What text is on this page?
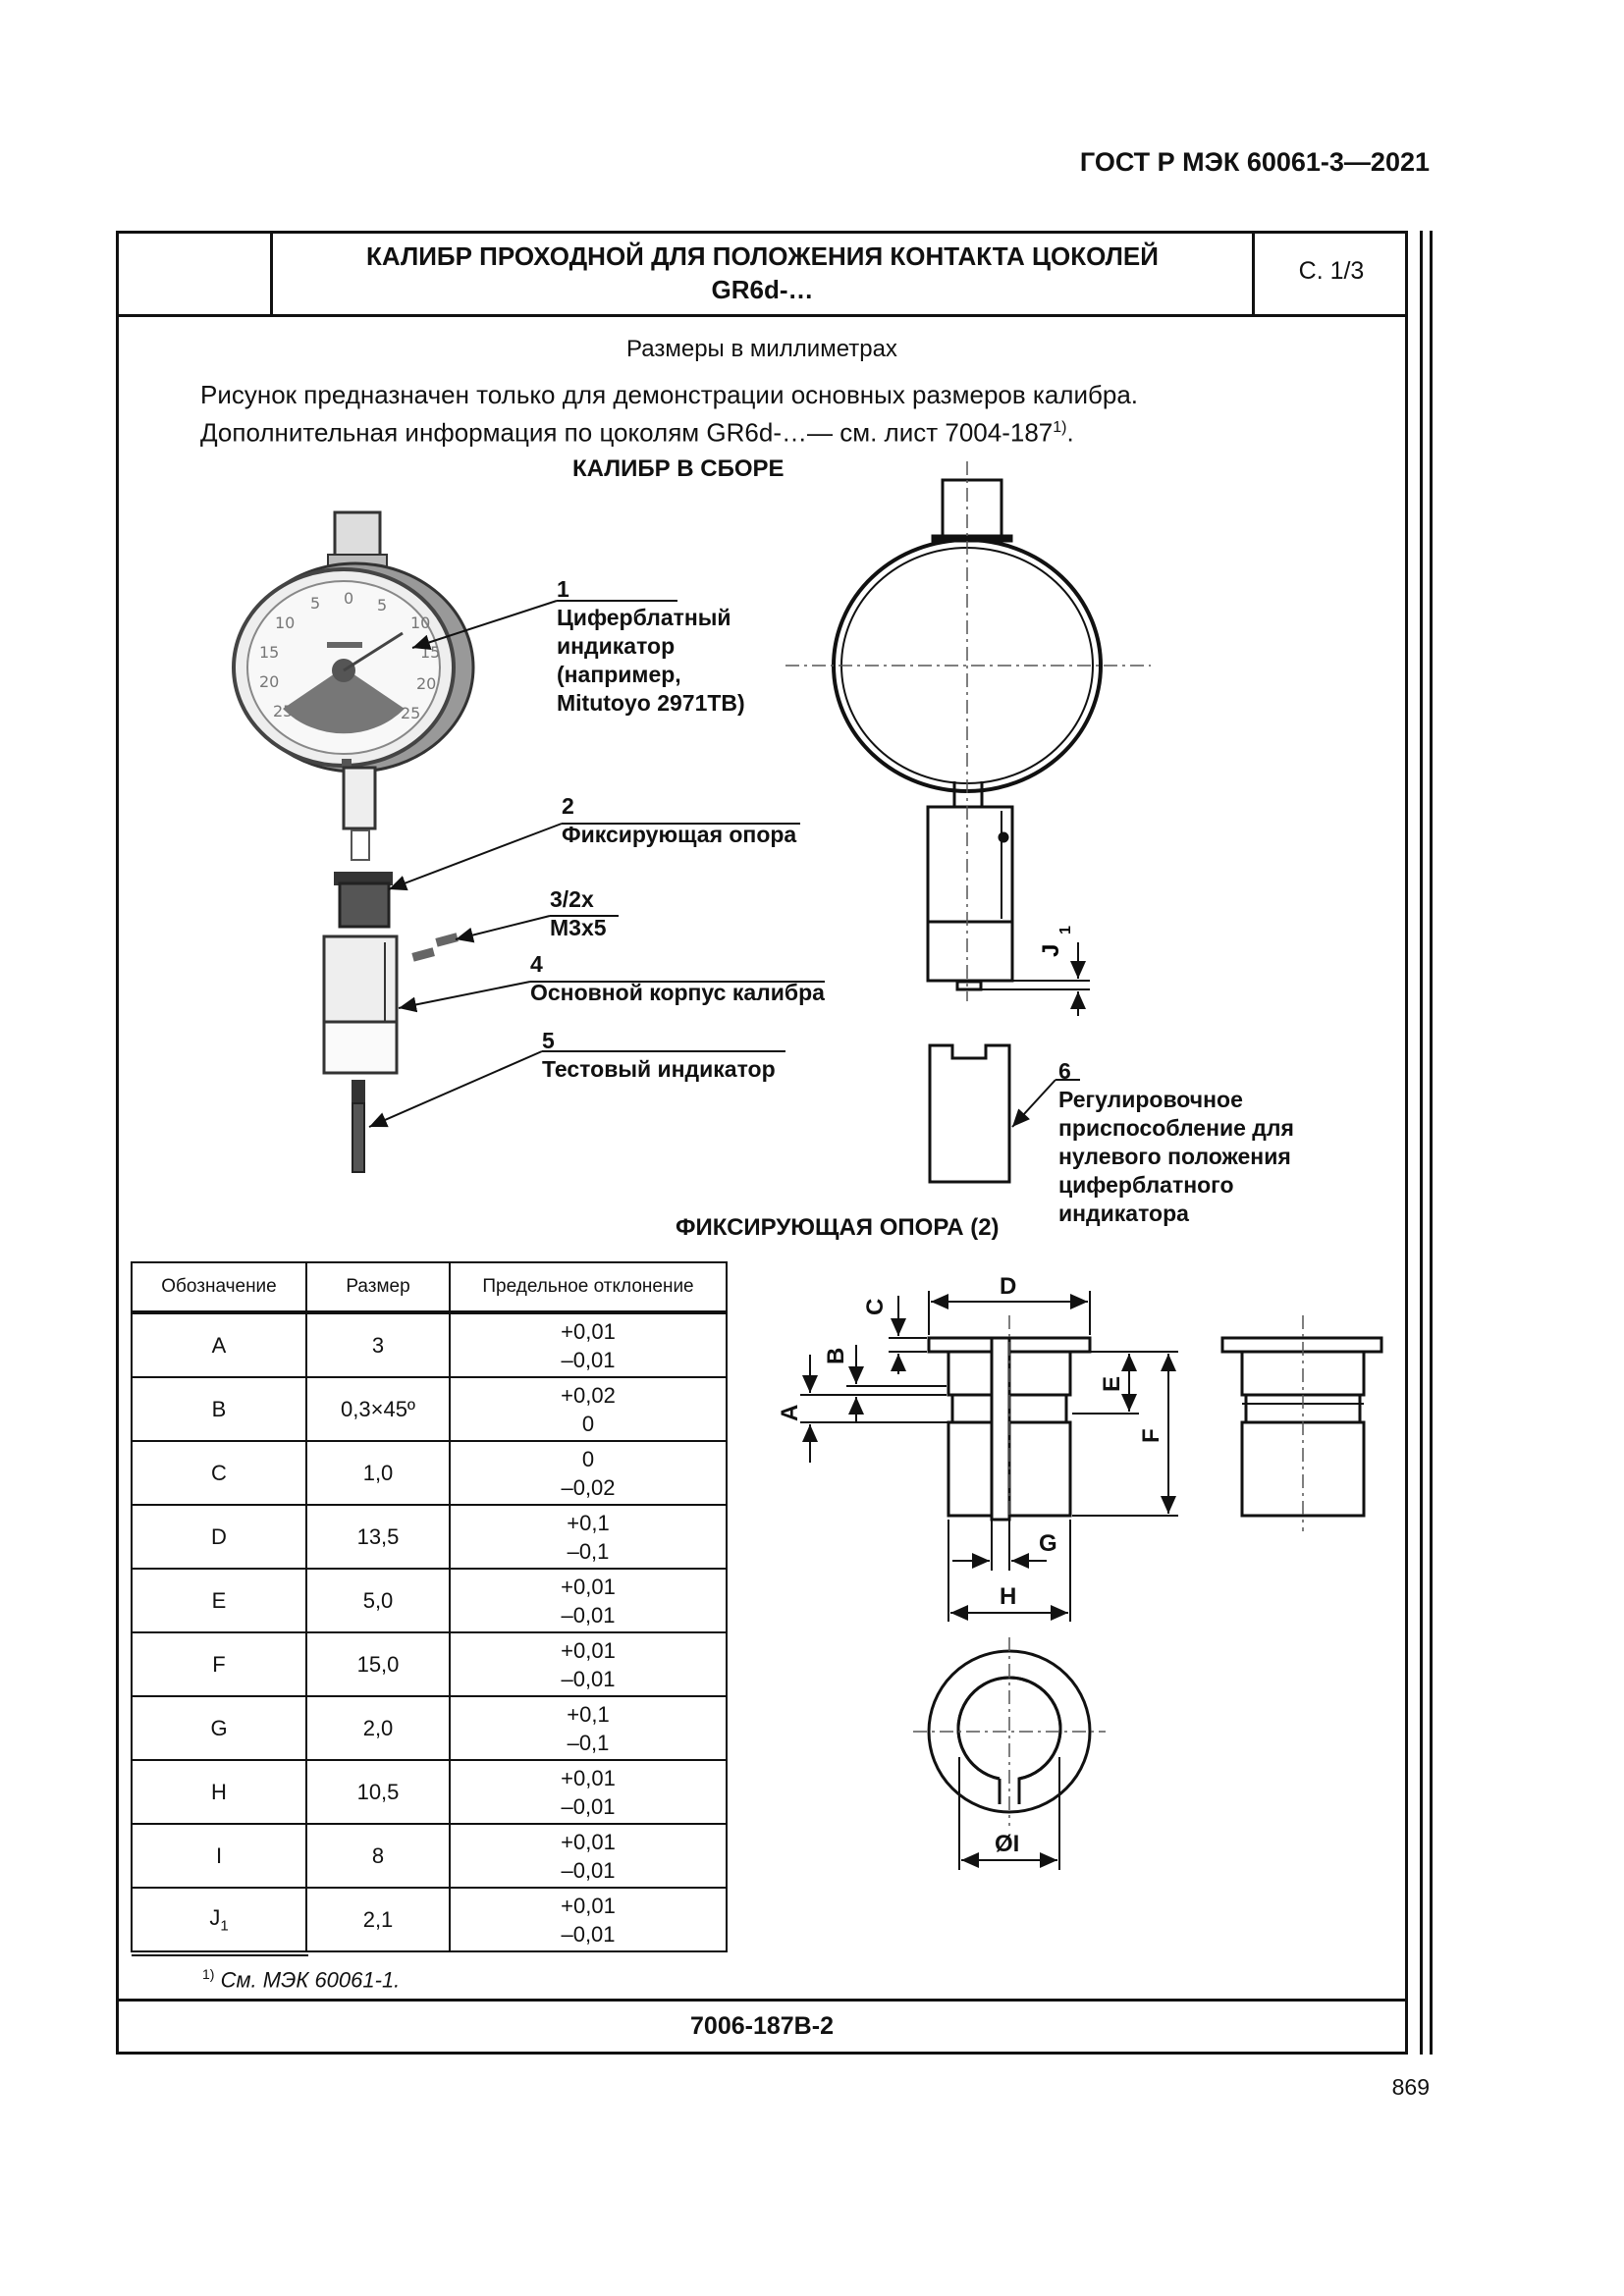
ГОСТ Р МЭК 60061-3—2021
КАЛИБР ПРОХОДНОЙ ДЛЯ ПОЛОЖЕНИЯ КОНТАКТА ЦОКОЛЕЙ
GR6d-…
С. 1/3
Размеры в миллиметрах
Рисунок предназначен только для демонстрации основных размеров калибра.
Дополнительная информация по цоколям GR6d-…— см. лист 7004-187$^{1)}$.
КАЛИБР В СБОРЕ
ФИКСИРУЮЩАЯ ОПОРА (2)
5 0 5
10	10
15	15
20	20
25	25
J
1
D
C
B
A
E
F
G
H
ØI
1
Циферблатный
индикатор
(например,
Mitutoyo 2971TB)
2
Фиксирующая опора
3/2x
M3x5
4
Основной корпус калибра
5
Тестовый индикатор	6
Регулировочное
приспособление для
нулевого положения
циферблатного
индикатора
Обозначение	Размер	Предельное отклонение
A	3	+0,01
–0,01

B	0,3×45º	+0,02
0

C	1,0	0
–0,02

D	13,5	+0,1
–0,1

E	5,0	+0,01
–0,01

F	15,0	+0,01
–0,01

G	2,0	+0,1
–0,1

H	10,5	+0,01
–0,01

I	8	+0,01
–0,01

$J_1$	2,1	+0,01
–0,01
$^{1)}$ См. МЭК 60061-1.
7006-187B-2
869
